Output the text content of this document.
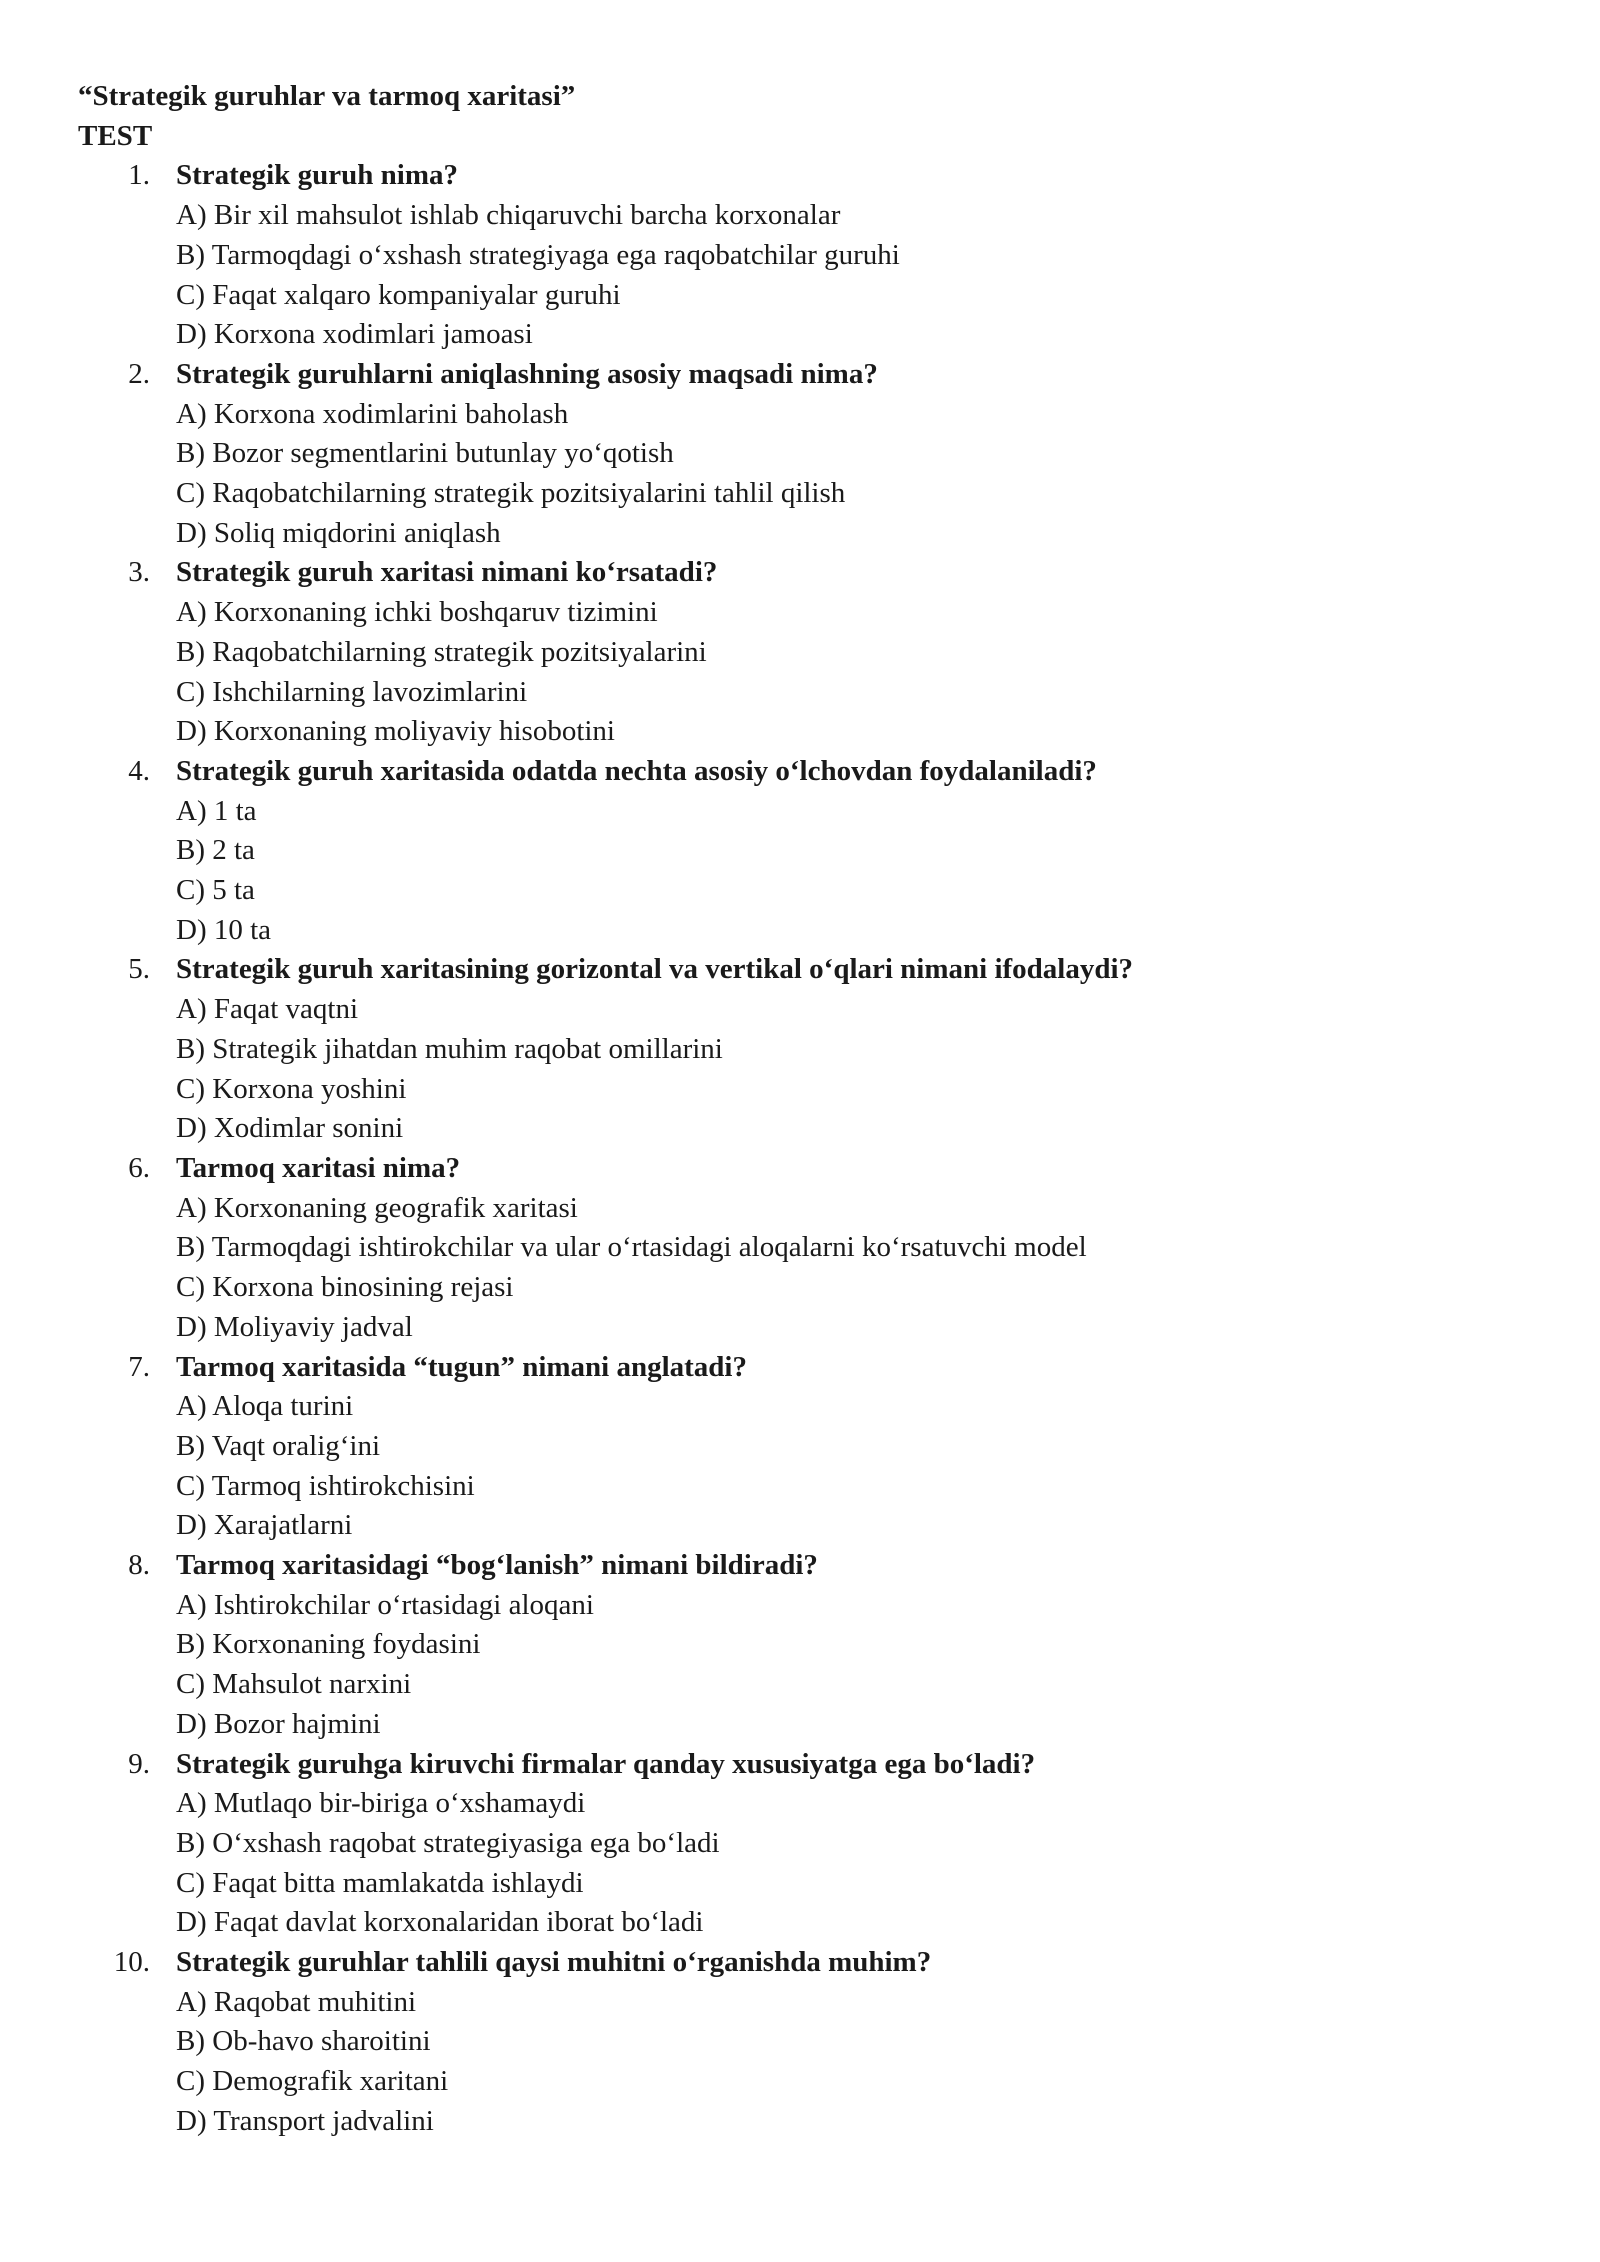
“Strategik guruhlar va tarmoq xaritasi”
TEST
1. Strategik guruh nima?
A) Bir xil mahsulot ishlab chiqaruvchi barcha korxonalar
B) Tarmoqdagi o‘xshash strategiyaga ega raqobatchilar guruhi
C) Faqat xalqaro kompaniyalar guruhi
D) Korxona xodimlari jamoasi
2. Strategik guruhlarni aniqlashning asosiy maqsadi nima?
A) Korxona xodimlarini baholash
B) Bozor segmentlarini butunlay yo‘qotish
C) Raqobatchilarning strategik pozitsiyalarini tahlil qilish
D) Soliq miqdorini aniqlash
3. Strategik guruh xaritasi nimani ko‘rsatadi?
A) Korxonaning ichki boshqaruv tizimini
B) Raqobatchilarning strategik pozitsiyalarini
C) Ishchilarning lavozimlarini
D) Korxonaning moliyaviy hisobotini
4. Strategik guruh xaritasida odatda nechta asosiy o‘lchovdan foydalaniladi?
A) 1 ta
B) 2 ta
C) 5 ta
D) 10 ta
5. Strategik guruh xaritasining gorizontal va vertikal o‘qlari nimani ifodalaydi?
A) Faqat vaqtni
B) Strategik jihatdan muhim raqobat omillarini
C) Korxona yoshini
D) Xodimlar sonini
6. Tarmoq xaritasi nima?
A) Korxonaning geografik xaritasi
B) Tarmoqdagi ishtirokchilar va ular o‘rtasidagi aloqalarni ko‘rsatuvchi model
C) Korxona binosining rejasi
D) Moliyaviy jadval
7. Tarmoq xaritasida “tugun” nimani anglatadi?
A) Aloqa turini
B) Vaqt oralig‘ini
C) Tarmoq ishtirokchisini
D) Xarajatlarni
8. Tarmoq xaritasidagi “bog‘lanish” nimani bildiradi?
A) Ishtirokchilar o‘rtasidagi aloqani
B) Korxonaning foydasini
C) Mahsulot narxini
D) Bozor hajmini
9. Strategik guruhga kiruvchi firmalar qanday xususiyatga ega bo‘ladi?
A) Mutlaqo bir-biriga o‘xshamaydi
B) O‘xshash raqobat strategiyasiga ega bo‘ladi
C) Faqat bitta mamlakatda ishlaydi
D) Faqat davlat korxonalaridan iborat bo‘ladi
10. Strategik guruhlar tahlili qaysi muhitni o‘rganishda muhim?
A) Raqobat muhitini
B) Ob-havo sharoitini
C) Demografik xaritani
D) Transport jadvalini
